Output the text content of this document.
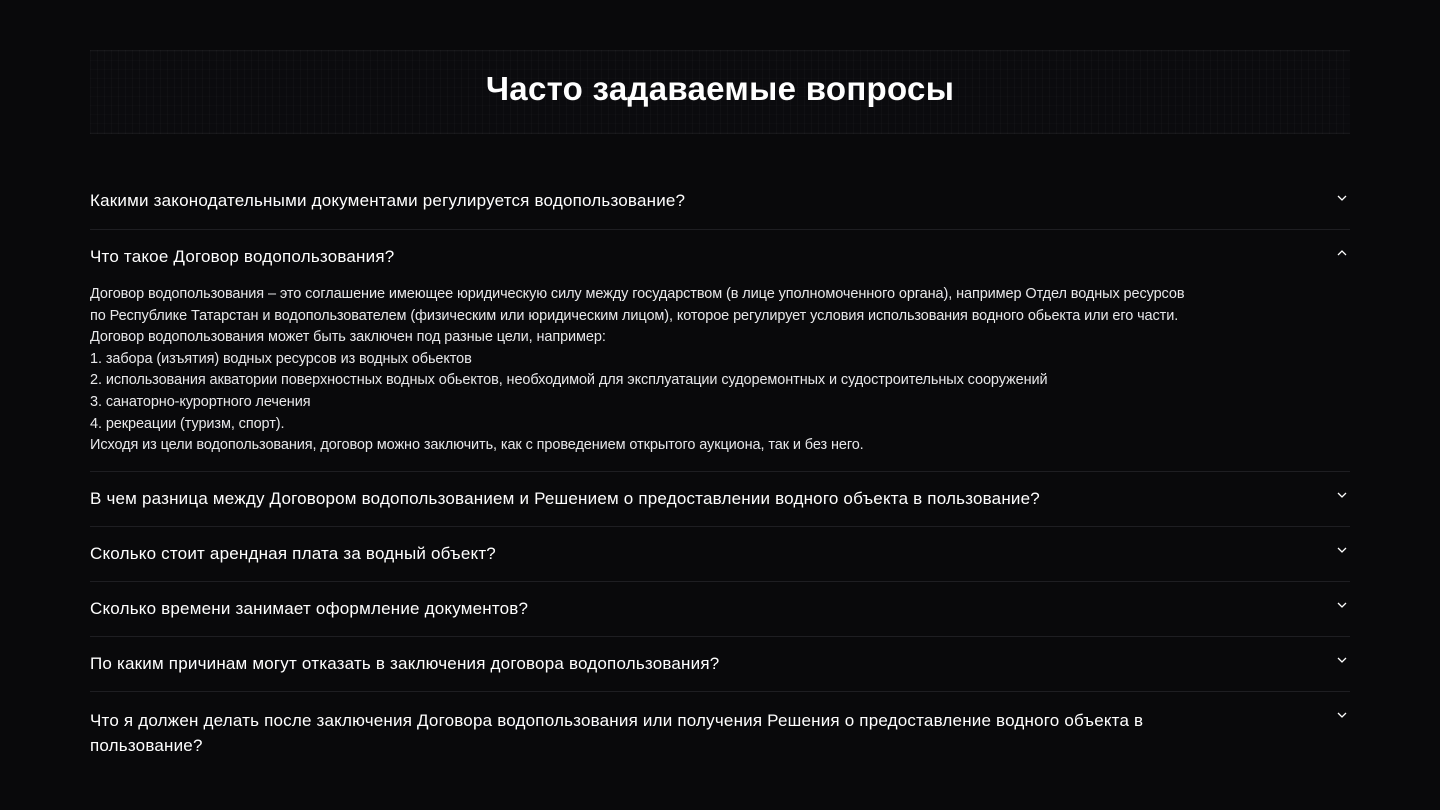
Часто задаваемые вопросы
Какими законодательными документами регулируется водопользование?
Что такое Договор водопользования?

Договор водопользования – это соглашение имеющее юридическую силу между государством (в лице уполномоченного органа), например Отдел водных ресурсов

по Республике Татарстан и водопользователем (физическим или юридическим лицом), которое регулирует условия использования водного обьекта или его части.

Договор водопользования может быть заключен под разные цели, например:

1. забора (изъятия) водных ресурсов из водных обьектов

2. использования акватории поверхностных водных обьектов, необходимой для эксплуатации судоремонтных и судостроительных сооружений

3. санаторно-курортного лечения

4. рекреации (туризм, спорт).

Исходя из цели водопользования, договор можно заключить, как с проведением открытого аукциона, так и без него.

В чем разница между Договором водопользованием и Решением о предоставлении водного объекта в пользование?
Сколько стоит арендная плата за водный объект?
Сколько времени занимает оформление документов?
По каким причинам могут отказать в заключения договора водопользования?
Что я должен делать после заключения Договора водопользования или получения Решения о предоставление водного объекта в пользование?
